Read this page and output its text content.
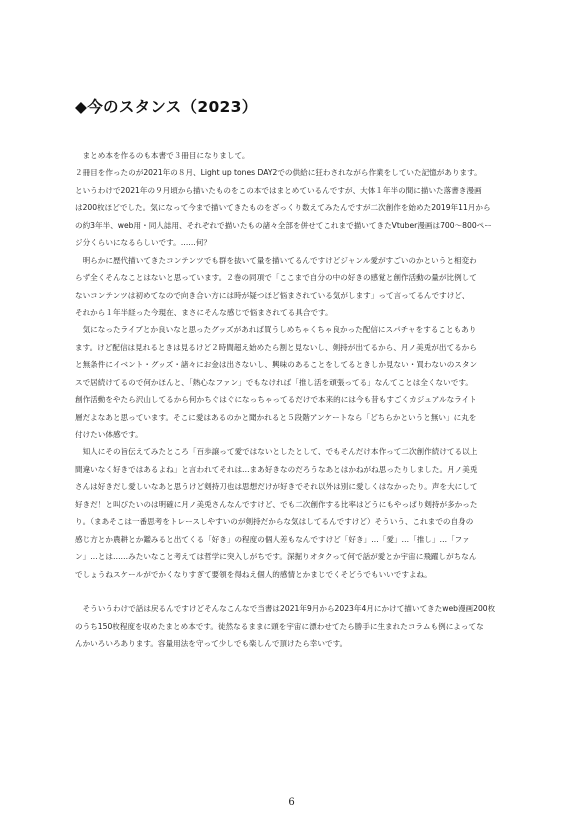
◆今のスタンス（2023）
　まとめ本を作るのも本書で３冊目になりまして。
２冊目を作ったのが2021年の８月、Light up tones DAY2での供給に狂わされながら作業をしていた記憶があります。
というわけで2021年の９月頃から描いたものをこの本ではまとめているんですが、大体１年半の間に描いた落書き漫画
は200枚ほどでした。気になって今まで描いてきたものをざっくり数えてみたんですが二次創作を始めた2019年11月から
の約3年半、web用・同人誌用、それぞれで描いたもの諸々全部を併せてこれまで描いてきたVtuber漫画は700〜800ペー
ジ分くらいになるらしいです。……何？
　明らかに歴代描いてきたコンテンツでも群を抜いて量を描いてるんですけどジャンル愛がすごいのかというと相変わ
らず全くそんなことはないと思っています。２巻の同項で「ここまで自分の中の好きの感覚と創作活動の量が比例して
ないコンテンツは初めてなので向き合い方には時が疑つほど悩まされている気がします」って言ってるんですけど、
それから１年半経った今現在、まさにそんな感じで悩まされてる具合です。
　気になったライブとか良いなと思ったグッズがあれば買うしめちゃくちゃ良かった配信にスパチャをすることもあり
ます。けど配信は見れるときは見るけど２時間超え始めたら割と見ないし、剣持が出てるから、月ノ美兎が出てるから
と無条件にイベント・グッズ・諸々にお金は出さないし、興味のあることをしてるときしか見ない・買わないのスタン
スで居続けてるので何かほんと、「熱心なファン」でもなければ「推し活を頑張ってる」なんてことは全くないです。
創作活動をやたら沢山してるから何かちぐはぐになっちゃってるだけで本来的には今も昔もすごくカジュアルなライト
層だよなあと思っています。そこに愛はあるのかと聞かれると５段階アンケートなら「どちらかというと無い」に丸を
付けたい体感です。
　知人にその旨伝えてみたところ「百歩譲って愛ではないとしたとして、でもそんだけ本作って二次創作続けてる以上
間違いなく好きではあるよね」と言われてそれは…まあ好きなのだろうなあとはかねがね思ったりしました。月ノ美兎
さんは好きだし愛しいなあと思うけど剣持刀也は思想だけが好きでそれ以外は別に愛しくはなかったり。声を大にして
好きだ！と叫びたいのは明確に月ノ美兎さんなんですけど、でも二次創作する比率はどうにもやっぱり剣持が多かった
り。（まあそこは一番思考をトレースしやすいのが剣持だからな気はしてるんですけど）そういう、これまでの自身の
感じ方とか農耕とか鑑みると出てくる「好き」の程度の個人差もなんですけど「好き」…「愛」…「推し」…「ファ
ン」…とは……みたいなこと考えては哲学に突入しがちです。深掘りオタクって何で話が愛とか宇宙に飛躍しがちなん
でしょうねスケールがでかくなりすぎて要領を得ねえ個人的感情とかまじでくそどうでもいいですよね。
　そういうわけで話は戻るんですけどそんなこんなで当書は2021年9月から2023年4月にかけて描いてきたweb漫画200枚
のうち150枚程度を収めたまとめ本です。徒然なるままに頭を宇宙に漂わせてたら勝手に生まれたコラムも例によってな
んかいろいろあります。容量用法を守って少しでも楽しんで頂けたら幸いです。
6
